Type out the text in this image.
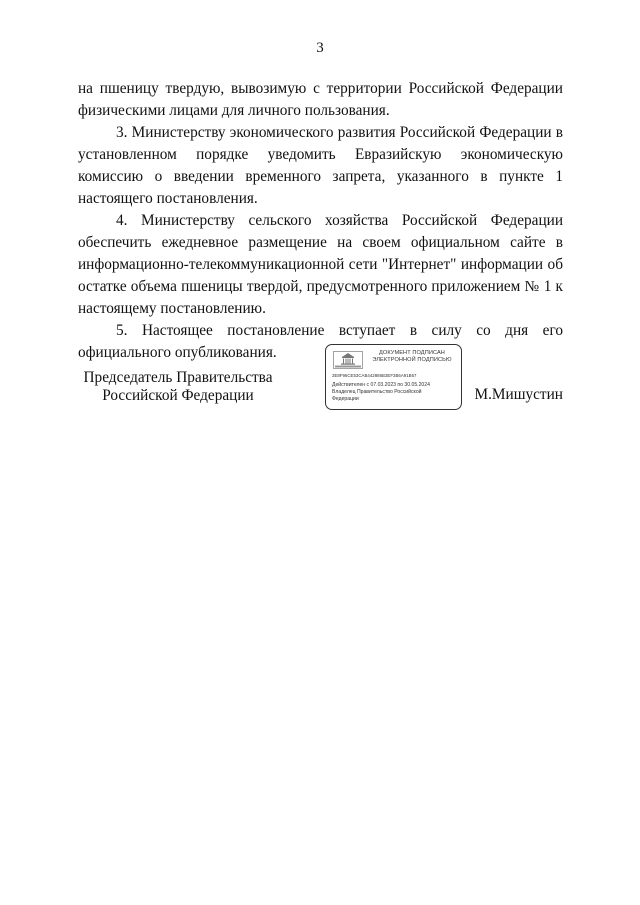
3

на пшеницу твердую, вывозимую с территории Российской Федерации физическими лицами для личного пользования.

3. Министерству экономического развития Российской Федерации в установленном порядке уведомить Евразийскую экономическую комиссию о введении временного запрета, указанного в пункте 1 настоящего постановления.

4. Министерству сельского хозяйства Российской Федерации обеспечить ежедневное размещение на своем официальном сайте в информационно-телекоммуникационной сети "Интернет" информации об остатке объема пшеницы твердой, предусмотренного приложением № 1 к настоящему постановлению.

5. Настоящее постановление вступает в силу со дня его официального опубликования.

Председатель Правительства
Российской Федерации
ДОКУМЕНТ ПОДПИСАН
ЭЛЕКТРОННОЙ ПОДПИСЬЮ
3E8F96CE53CAB442886B3EF3B6A91B67
Действителен с 07.03.2023 по 30.05.2024
Владелец Правительство Российской
Федерации	М.Мишустин
